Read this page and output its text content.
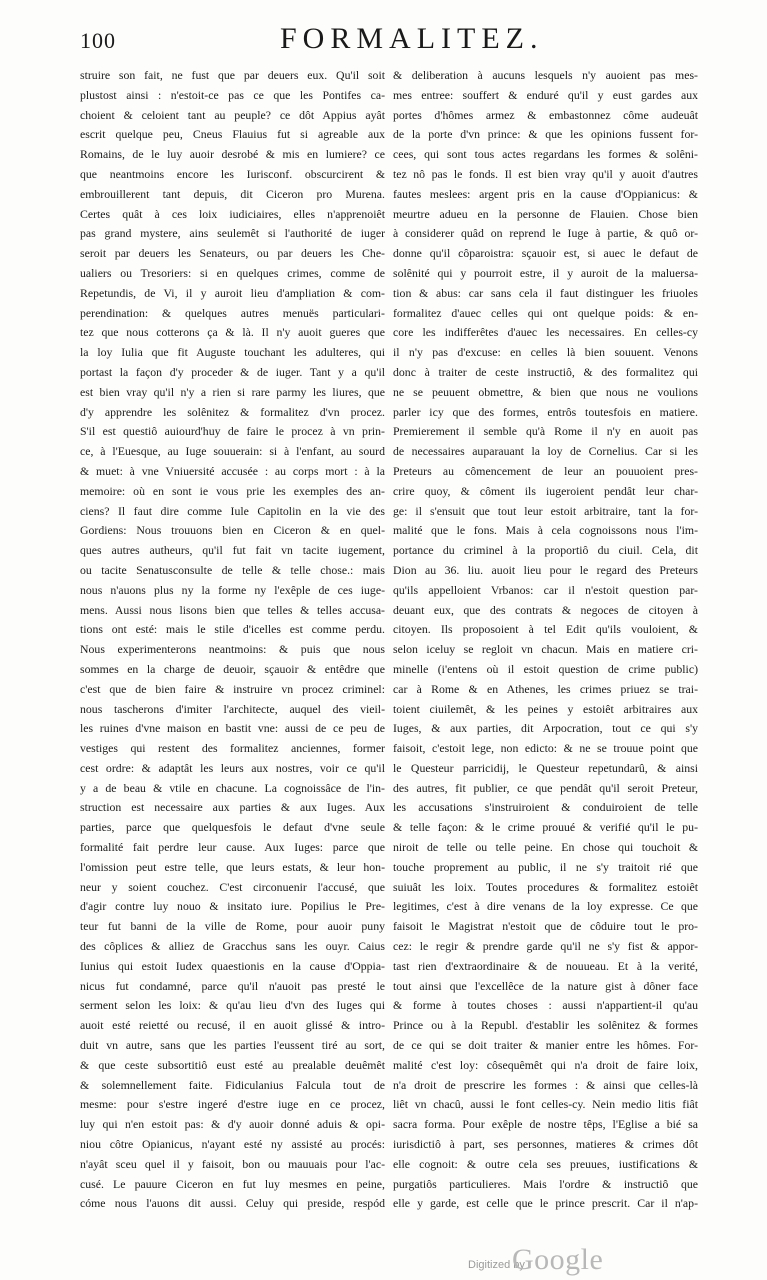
100	FORMALITEZ.
struire son fait, ne fust que par deuers eux. Qu'il soit
plustost ainsi : n'estoit-ce pas ce que les Pontifes ca-
choient & celoient tant au peuple? ce dôt Appius ayât
escrit quelque peu, Cneus Flauius fut si agreable aux
Romains, de le luy auoir desrobé & mis en lumiere? ce
que neantmoins encore les Iurisconf. obscurcirent &
embrouillerent tant depuis, dit Ciceron pro Murena.
Certes quât à ces loix iudiciaires, elles n'apprenoiêt
pas grand mystere, ains seulemêt si l'authorité de iuger
seroit par deuers les Senateurs, ou par deuers les Che-
ualiers ou Tresoriers: si en quelques crimes, comme de
Repetundis, de Vi, il y auroit lieu d'ampliation & com-
perendination: & quelques autres menuës particulari-
tez que nous cotterons ça & là. Il n'y auoit gueres que
la loy Iulia que fit Auguste touchant les adulteres, qui
portast la façon d'y proceder & de iuger. Tant y a qu'il
est bien vray qu'il n'y a rien si rare parmy les liures, que
d'y apprendre les solênitez & formalitez d'vn procez.
S'il est questiô auiourd'huy de faire le procez à vn prin-
ce, à l'Euesque, au Iuge souuerain: si à l'enfant, au sourd
& muet: à vne Vniuersité accusée : au corps mort : à la
memoire: où en sont ie vous prie les exemples des an-
ciens? Il faut dire comme Iule Capitolin en la vie des
Gordiens: Nous trouuons bien en Ciceron & en quel-
ques autres autheurs, qu'il fut fait vn tacite iugement,
ou tacite Senatusconsulte de telle & telle chose.: mais
nous n'auons plus ny la forme ny l'exêple de ces iuge-
mens. Aussi nous lisons bien que telles & telles accusa-
tions ont esté: mais le stile d'icelles est comme perdu.
Nous experimenterons neantmoins: & puis que nous
sommes en la charge de deuoir, sçauoir & entêdre que
c'est que de bien faire & instruire vn procez criminel:
nous tascherons d'imiter l'architecte, auquel des vieil-
les ruines d'vne maison en bastit vne: aussi de ce peu de
vestiges qui restent des formalitez anciennes, former
cest ordre: & adaptât les leurs aux nostres, voir ce qu'il
y a de beau & vtile en chacune. La cognoissâce de l'in-
struction est necessaire aux parties & aux Iuges. Aux
parties, parce que quelquesfois le defaut d'vne seule
formalité fait perdre leur cause. Aux Iuges: parce que
l'omission peut estre telle, que leurs estats, & leur hon-
neur y soient couchez. C'est circonuenir l'accusé, que
d'agir contre luy nouo & insitato iure. Popilius le Pre-
teur fut banni de la ville de Rome, pour auoir puny
des côplices & alliez de Gracchus sans les ouyr. Caius
Iunius qui estoit Iudex quaestionis en la cause d'Oppia-
nicus fut condamné, parce qu'il n'auoit pas presté le
serment selon les loix: & qu'au lieu d'vn des Iuges qui
auoit esté reietté ou recusé, il en auoit glissé & intro-
duit vn autre, sans que les parties l'eussent tiré au sort,
& que ceste subsortitiô eust esté au prealable deuêmêt
& solemnellement faite. Fidiculanius Falcula tout de
mesme: pour s'estre ingeré d'estre iuge en ce procez,
luy qui n'en estoit pas: & d'y auoir donné aduis & opi-
niou côtre Opianicus, n'ayant esté ny assisté au procés:
n'ayât sceu quel il y faisoit, bon ou mauuais pour l'ac-
cusé. Le pauure Ciceron en fut luy mesmes en peine,
cóme nous l'auons dit aussi. Celuy qui preside, respód
& deliberation à aucuns lesquels n'y auoient pas mes-
mes entree: souffert & enduré qu'il y eust gardes aux
portes d'hômes armez & embastonnez côme audeuât
de la porte d'vn prince: & que les opinions fussent for-
cees, qui sont tous actes regardans les formes & solêni-
tez nô pas le fonds. Il est bien vray qu'il y auoit d'autres
fautes meslees: argent pris en la cause d'Oppianicus: &
meurtre adueu en la personne de Flauien. Chose bien
à considerer quâd on reprend le Iuge à partie, & quô or-
donne qu'il côparoistra: sçauoir est, si auec le defaut de
solênité qui y pourroit estre, il y auroit de la maluersa-
tion & abus: car sans cela il faut distinguer les friuoles
formalitez d'auec celles qui ont quelque poids: & en-
core les indifferêtes d'auec les necessaires. En celles-cy
il n'y pas d'excuse: en celles là bien souuent. Venons
donc à traiter de ceste instructiô, & des formalitez qui
ne se peuuent obmettre, & bien que nous ne voulions
parler icy que des formes, entrôs toutesfois en matiere.
Premierement il semble qu'à Rome il n'y en auoit pas
de necessaires auparauant la loy de Cornelius. Car si les
Preteurs au cômencement de leur an pouuoient pres-
crire quoy, & côment ils iugeroient pendât leur char-
ge: il s'ensuit que tout leur estoit arbitraire, tant la for-
malité que le fons. Mais à cela cognoissons nous l'im-
portance du criminel à la proportiô du ciuil. Cela, dit
Dion au 36. liu. auoit lieu pour le regard des Preteurs
qu'ils appelloient Vrbanos: car il n'estoit question par-
deuant eux, que des contrats & negoces de citoyen à
citoyen. Ils proposoient à tel Edit qu'ils vouloient, &
selon iceluy se regloit vn chacun. Mais en matiere cri-
minelle (i'entens où il estoit question de crime public)
car à Rome & en Athenes, les crimes priuez se trai-
toient ciuilemêt, & les peines y estoiêt arbitraires aux
Iuges, & aux parties, dit Arpocration, tout ce qui s'y
faisoit, c'estoit lege, non edicto: & ne se trouue point que
le Questeur parricidij, le Questeur repetundarû, & ainsi
des autres, fit publier, ce que pendât qu'il seroit Preteur,
les accusations s'instruiroient & conduiroient de telle
& telle façon: & le crime prouué & verifié qu'il le pu-
niroit de telle ou telle peine. En chose qui touchoit &
touche proprement au public, il ne s'y traitoit rié que
suiuât les loix. Toutes procedures & formalitez estoiêt
legitimes, c'est à dire venans de la loy expresse. Ce que
faisoit le Magistrat n'estoit que de côduire tout le pro-
cez: le regir & prendre garde qu'il ne s'y fist & appor-
tast rien d'extraordinaire & de nouueau. Et à la verité,
tout ainsi que l'excellêce de la nature gist à dôner face
& forme à toutes choses : aussi n'appartient-il qu'au
Prince ou à la Republ. d'establir les solênitez & formes
de ce qui se doit traiter & manier entre les hômes. For-
malité c'est loy: côsequêmêt qui n'a droit de faire loix,
n'a droit de prescrire les formes : & ainsi que celles-là
liêt vn chacû, aussi le font celles-cy. Nein medio litis fiât
sacra forma. Pour exêple de nostre têps, l'Eglise a bié sa
iurisdictiô à part, ses personnes, matieres & crimes dôt
elle cognoit: & outre cela ses preuues, iustifications &
purgatiôs particulieres. Mais l'ordre & instructiô que
elle y garde, est celle que le prince prescrit. Car il n'ap-
Digitized by
Google
